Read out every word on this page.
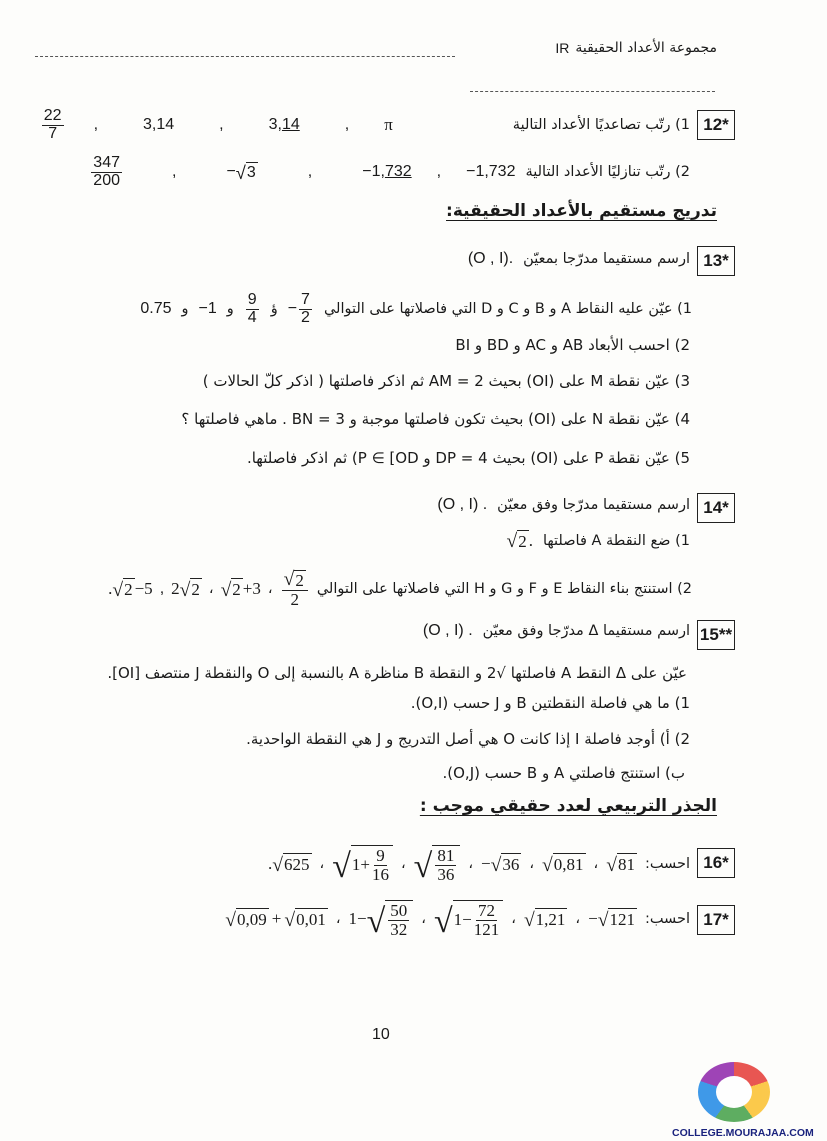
مجموعة الأعداد الحقيقية
IR
12*
1) رتّب تصاعديًا الأعداد التالية
π
,
3, 14
,
3,14
,
$\frac{22}{7}$
2) رتّب تنازليًا الأعداد التالية
−1,732
,
−1, 732
,
− √ 3
,
$\frac{347}{200}$
تدريج مستقيم بالأعداد الحقيقية:
13*
ارسم مستقيما مدرّجا بمعيّن
(O , I).
1) عيّن عليه النقاط A و B و C و D التي فاصلاتها على التوالي
− $\frac{7}{2}$
ؤ
$\frac{9}{4}$
و
−1
و
0.75
2) احسب الأبعاد AB و AC و BD و BI
3) عيّن نقطة M على (OI) بحيث AM = 2 ثم اذكر فاصلتها ( اذكر كلّ الحالات )
4) عيّن نقطة N على (OI) بحيث تكون فاصلتها موجبة و BN = 3 . ماهي فاصلتها ؟
5) عيّن نقطة P على (OI) بحيث DP = 4 و P ∈ [OD) ثم اذكر فاصلتها.
14*
ارسم مستقيما مدرّجا وفق معيّن
(O , I) .
1) ضع النقطة A فاصلتها
√ 2 .
2) استنتج بناء النقاط E و F و G و H التي فاصلاتها على التوالي
$\frac{√ 2}{2}$
،
√ 2 +3
،
2 √ 2
,
. √ 2 −5
15**
ارسم مستقيما Δ مدرّجا وفق معيّن
(O , I) .
عيّن على Δ النقط A فاصلتها √2 و النقطة B مناظرة A بالنسبة إلى O والنقطة J منتصف [OI].
1) ما هي فاصلة النقطتين B و J حسب (O,I).
2) أ) أوجد فاصلة I إذا كانت O هي أصل التدريج و J هي النقطة الواحدية.
ب) استنتج فاصلتي A و B حسب (O,J).
الجذر التربيعي لعدد حقيقي موجب :
16*
احسب:
√ 81
،
√ 0,81
،
− √ 36
،
√ $\frac{81}{36}$
،
√ $1+ \frac{9}{16}$
،
. √ 625
17*
احسب:
− √ 121
،
√ 1,21
،
√ $1- \frac{72}{121}$
،
1− √ $\frac{50}{32}$
،
√ 0,09 + √ 0,01
10
COLLEGE.MOURAJAA.COM
